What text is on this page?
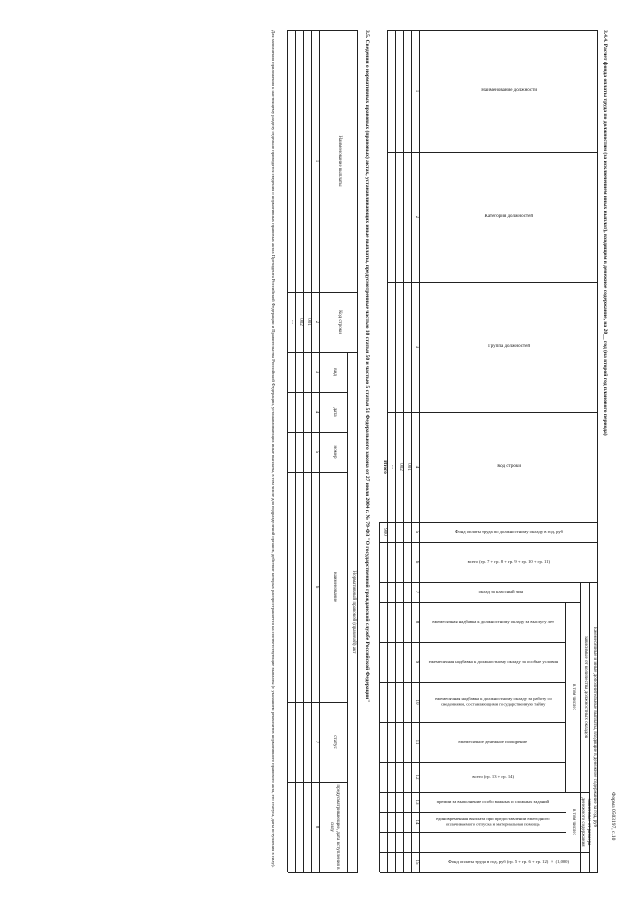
Форма 0503197, с.10
3.4.4. Расчет фонда оплаты труда по должностям (за исключением иных выплат), входящим в денежное содержание, на 20__ год (на второй год планового периода)
Наименование должности
Категория должностей
Группа должностей
Код строки
Фонд оплаты труда по должностному окладу в год, руб
Ежемесячные и иные дополнительные выплаты, входящие в денежное содержание за год, руб
зависимые от количества должностных окладов
зависимые от размера денежного содержания
всего (гр. 7 + гр. 8 + гр. 9 + гр. 10 + гр. 11)
в том числе:
оклад за классный чин
ежемесячная надбавка к должностному окладу за выслугу лет
ежемесячная надбавка к должностному окладу за особые условия
ежемесячная надбавка к должностному окладу за работу со сведениями, составляющими государственную тайну
ежемесячное денежное поощрение
всего (гр. 13 + гр. 14)
в том числе:
премии за выполнение особо важных и сложных заданий
единовременная выплата при предоставлении ежегодного оплачиваемого отпуска и материальная помощь
Фонд оплаты труда в год, руб (гр. 5 + гр. 6 + гр. 12) × (1,000)
1
2
3
4
5
6
7
8
9
10
11
12
13
14
15
001
002
…
Итого
900
3.5. Сведения о нормативных правовых (правовых) актах, устанавливающих иные выплаты, предусмотренные частью 10 статьи 50 и частью 5 статьи 51 Федерального закона от 27 июля 2004 г. № 79-ФЗ "О государственной гражданской службе Российской Федерации"
Наименование выплаты
Код строки
Нормативный правовой (правовой) акт
вид
дата
номер
наименование
статус
предусматривающие, дата вступления в силу
1
2
3
4
5
6
7
8
001
002
…
Для заполнения приложения к настоящему разделу отдельно приводятся сведения о нормативных правовых актах Президента Российской Федерации и Правительства Российской Федерации, устанавливающих иные выплаты, в том числе для подразделений органов, действие которых распространяется на соответствующие выплаты (с указанием реквизитов нормативного правового акта, его статуса, даты вступления в силу).
